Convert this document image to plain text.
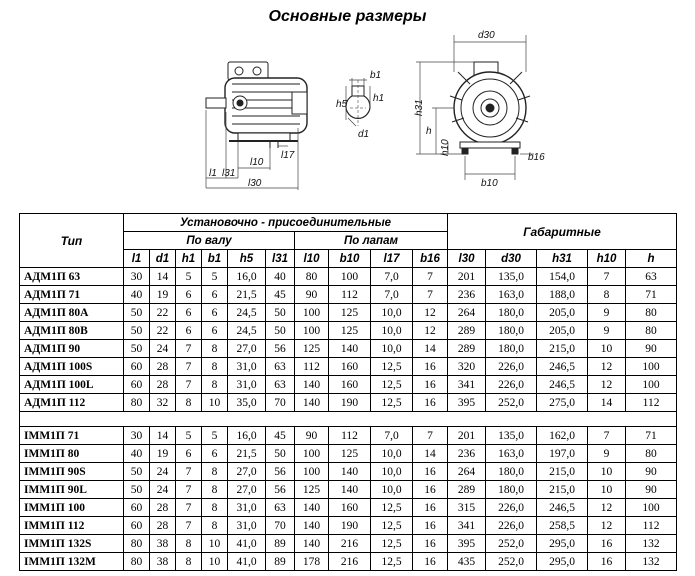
Основные размеры
l1 l31
l10
l30
l17
b1
h1
h5
d1
d30
h31
h
h10
b10
b16
Тип	Установочно - присоединительные										Габаритные				
	По валу						По лапам								
	l1	d1	h1	b1	h5	l31	l10	b10	l17	b16	l30	d30	h31	h10	h
АДМ1П 63	30	14	5	5	16,0	40	80	100	7,0	7	201	135,0	154,0	7	63
АДМ1П 71	40	19	6	6	21,5	45	90	112	7,0	7	236	163,0	188,0	8	71
АДМ1П 80А	50	22	6	6	24,5	50	100	125	10,0	12	264	180,0	205,0	9	80
АДМ1П 80В	50	22	6	6	24,5	50	100	125	10,0	12	289	180,0	205,0	9	80
АДМ1П 90	50	24	7	8	27,0	56	125	140	10,0	14	289	180,0	215,0	10	90
АДМ1П 100S	60	28	7	8	31,0	63	112	160	12,5	16	320	226,0	246,5	12	100
АДМ1П 100L	60	28	7	8	31,0	63	140	160	12,5	16	341	226,0	246,5	12	100
АДМ1П 112	80	32	8	10	35,0	70	140	190	12,5	16	395	252,0	275,0	14	112

IММ1П 71	30	14	5	5	16,0	45	90	112	7,0	7	201	135,0	162,0	7	71
IММ1П 80	40	19	6	6	21,5	50	100	125	10,0	14	236	163,0	197,0	9	80
IММ1П 90S	50	24	7	8	27,0	56	100	140	10,0	16	264	180,0	215,0	10	90
IММ1П 90L	50	24	7	8	27,0	56	125	140	10,0	16	289	180,0	215,0	10	90
IММ1П 100	60	28	7	8	31,0	63	140	160	12,5	16	315	226,0	246,5	12	100
IММ1П 112	60	28	7	8	31,0	70	140	190	12,5	16	341	226,0	258,5	12	112
IММ1П 132S	80	38	8	10	41,0	89	140	216	12,5	16	395	252,0	295,0	16	132
IММ1П 132М	80	38	8	10	41,0	89	178	216	12,5	16	435	252,0	295,0	16	132
